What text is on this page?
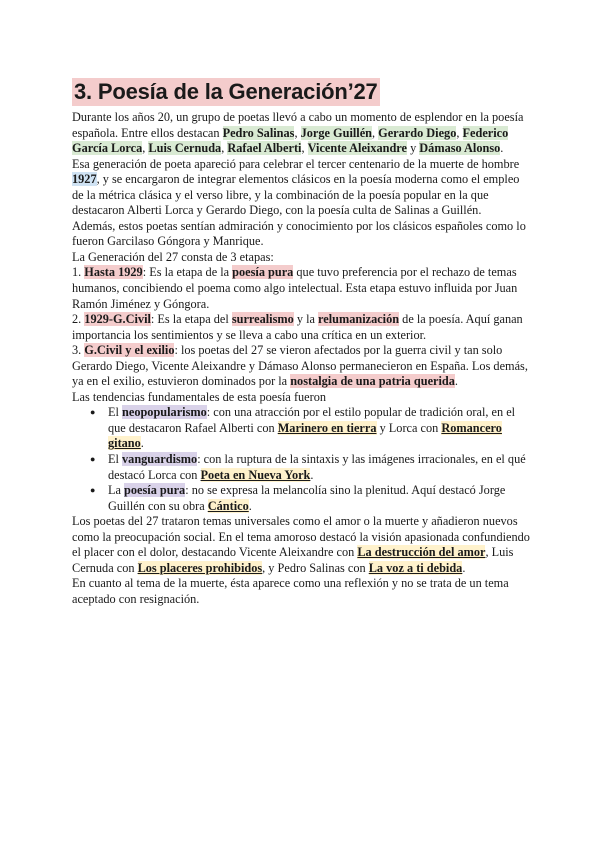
3. Poesía de la Generación’27

Durante los años 20, un grupo de poetas llevó a cabo un momento de esplendor en la poesía española. Entre ellos destacan Pedro Salinas, Jorge Guillén, Gerardo Diego, Federico García Lorca, Luis Cernuda, Rafael Alberti, Vicente Aleixandre y Dámaso Alonso.

Esa generación de poeta apareció para celebrar el tercer centenario de la muerte de hombre 1927, y se encargaron de integrar elementos clásicos en la poesía moderna como el empleo de la métrica clásica y el verso libre, y la combinación de la poesía popular en la que destacaron Alberti Lorca y Gerardo Diego, con la poesía culta de Salinas a Guillén.

Además, estos poetas sentían admiración y conocimiento por los clásicos españoles como lo fueron Garcilaso Góngora y Manrique.

La Generación del 27 consta de 3 etapas:

1. Hasta 1929: Es la etapa de la poesía pura que tuvo preferencia por el rechazo de temas humanos, concibiendo el poema como algo intelectual. Esta etapa estuvo influida por Juan Ramón Jiménez y Góngora.

2. 1929-G.Civil: Es la etapa del surrealismo y la relumanización de la poesía. Aquí ganan importancia los sentimientos y se lleva a cabo una crítica en un exterior.

3. G.Civil y el exilio: los poetas del 27 se vieron afectados por la guerra civil y tan solo Gerardo Diego, Vicente Aleixandre y Dámaso Alonso permanecieron en España. Los demás, ya en el exilio, estuvieron dominados por la nostalgia de una patria querida.

Las tendencias fundamentales de esta poesía fueron

● El neopopularismo: con una atracción por el estilo popular de tradición oral, en el que destacaron Rafael Alberti con Marinero en tierra y Lorca con Romancero gitano.
● El vanguardismo: con la ruptura de la sintaxis y las imágenes irracionales, en el qué destacó Lorca con Poeta en Nueva York.
● La poesía pura: no se expresa la melancolía sino la plenitud. Aquí destacó Jorge Guillén con su obra Cántico.

Los poetas del 27 trataron temas universales como el amor o la muerte y añadieron nuevos como la preocupación social. En el tema amoroso destacó la visión apasionada confundiendo el placer con el dolor, destacando Vicente Aleixandre con La destrucción del amor, Luis Cernuda con Los placeres prohibidos, y Pedro Salinas con La voz a ti debida.

En cuanto al tema de la muerte, ésta aparece como una reflexión y no se trata de un tema aceptado con resignación.
